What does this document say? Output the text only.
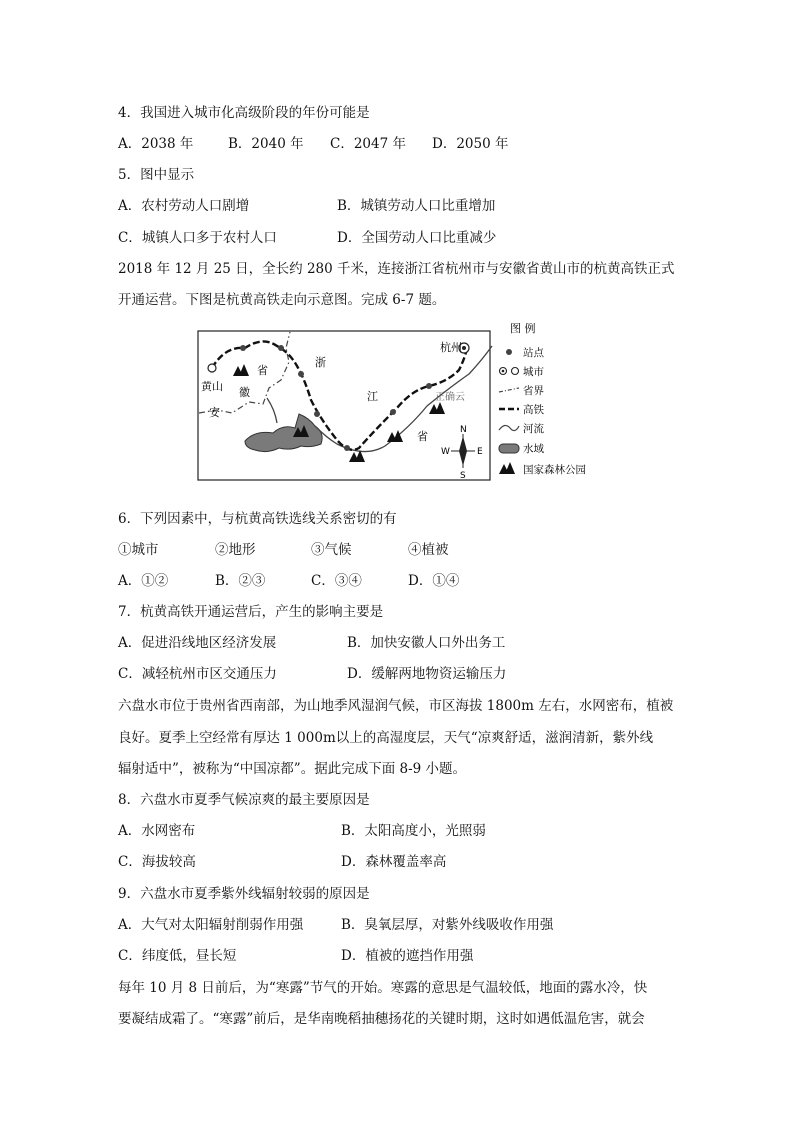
4．我国进入城市化高级阶段的年份可能是
A．2038 年	B．2040 年 C．2047 年 D．2050 年
5．图中显示
A．农村劳动人口剧增	B．城镇劳动人口比重增加
C．城镇人口多于农村人口	D．全国劳动人口比重减少
2018 年 12 月 25 日，全长约 280 千米，连接浙江省杭州市与安徽省黄山市的杭黄高铁正式
开通运营。下图是杭黄高铁走向示意图。完成 6-7 题。
黄山
杭州
安
徽
省
浙
江
省
正确云
N
S
E
W
图 例
站点
城市
省界
高铁
河流
水域
国家森林公园
6．下列因素中，与杭黄高铁选线关系密切的有
①城市	②地形	③气候	④植被
A．①②	B．②③	C．③④	D．①④
7．杭黄高铁开通运营后，产生的影响主要是
A．促进沿线地区经济发展	B．加快安徽人口外出务工
C．减轻杭州市区交通压力	D．缓解两地物资运输压力
六盘水市位于贵州省西南部，为山地季风湿润气候，市区海拔 1800m 左右，水网密布，植被
良好。夏季上空经常有厚达 1 000m以上的高湿度层，天气“凉爽舒适，滋润清新，紫外线
辐射适中”，被称为“中国凉都”。据此完成下面 8-9 小题。
8．六盘水市夏季气候凉爽的最主要原因是
A．水网密布	B．太阳高度小，光照弱
C．海拔较高	D．森林覆盖率高
9．六盘水市夏季紫外线辐射较弱的原因是
A．大气对太阳辐射削弱作用强	B．臭氧层厚，对紫外线吸收作用强
C．纬度低，昼长短	D．植被的遮挡作用强
每年 10 月 8 日前后，为“寒露”节气的开始。寒露的意思是气温较低，地面的露水冷，快
要凝结成霜了。“寒露”前后，是华南晚稻抽穗扬花的关键时期，这时如遇低温危害，就会
